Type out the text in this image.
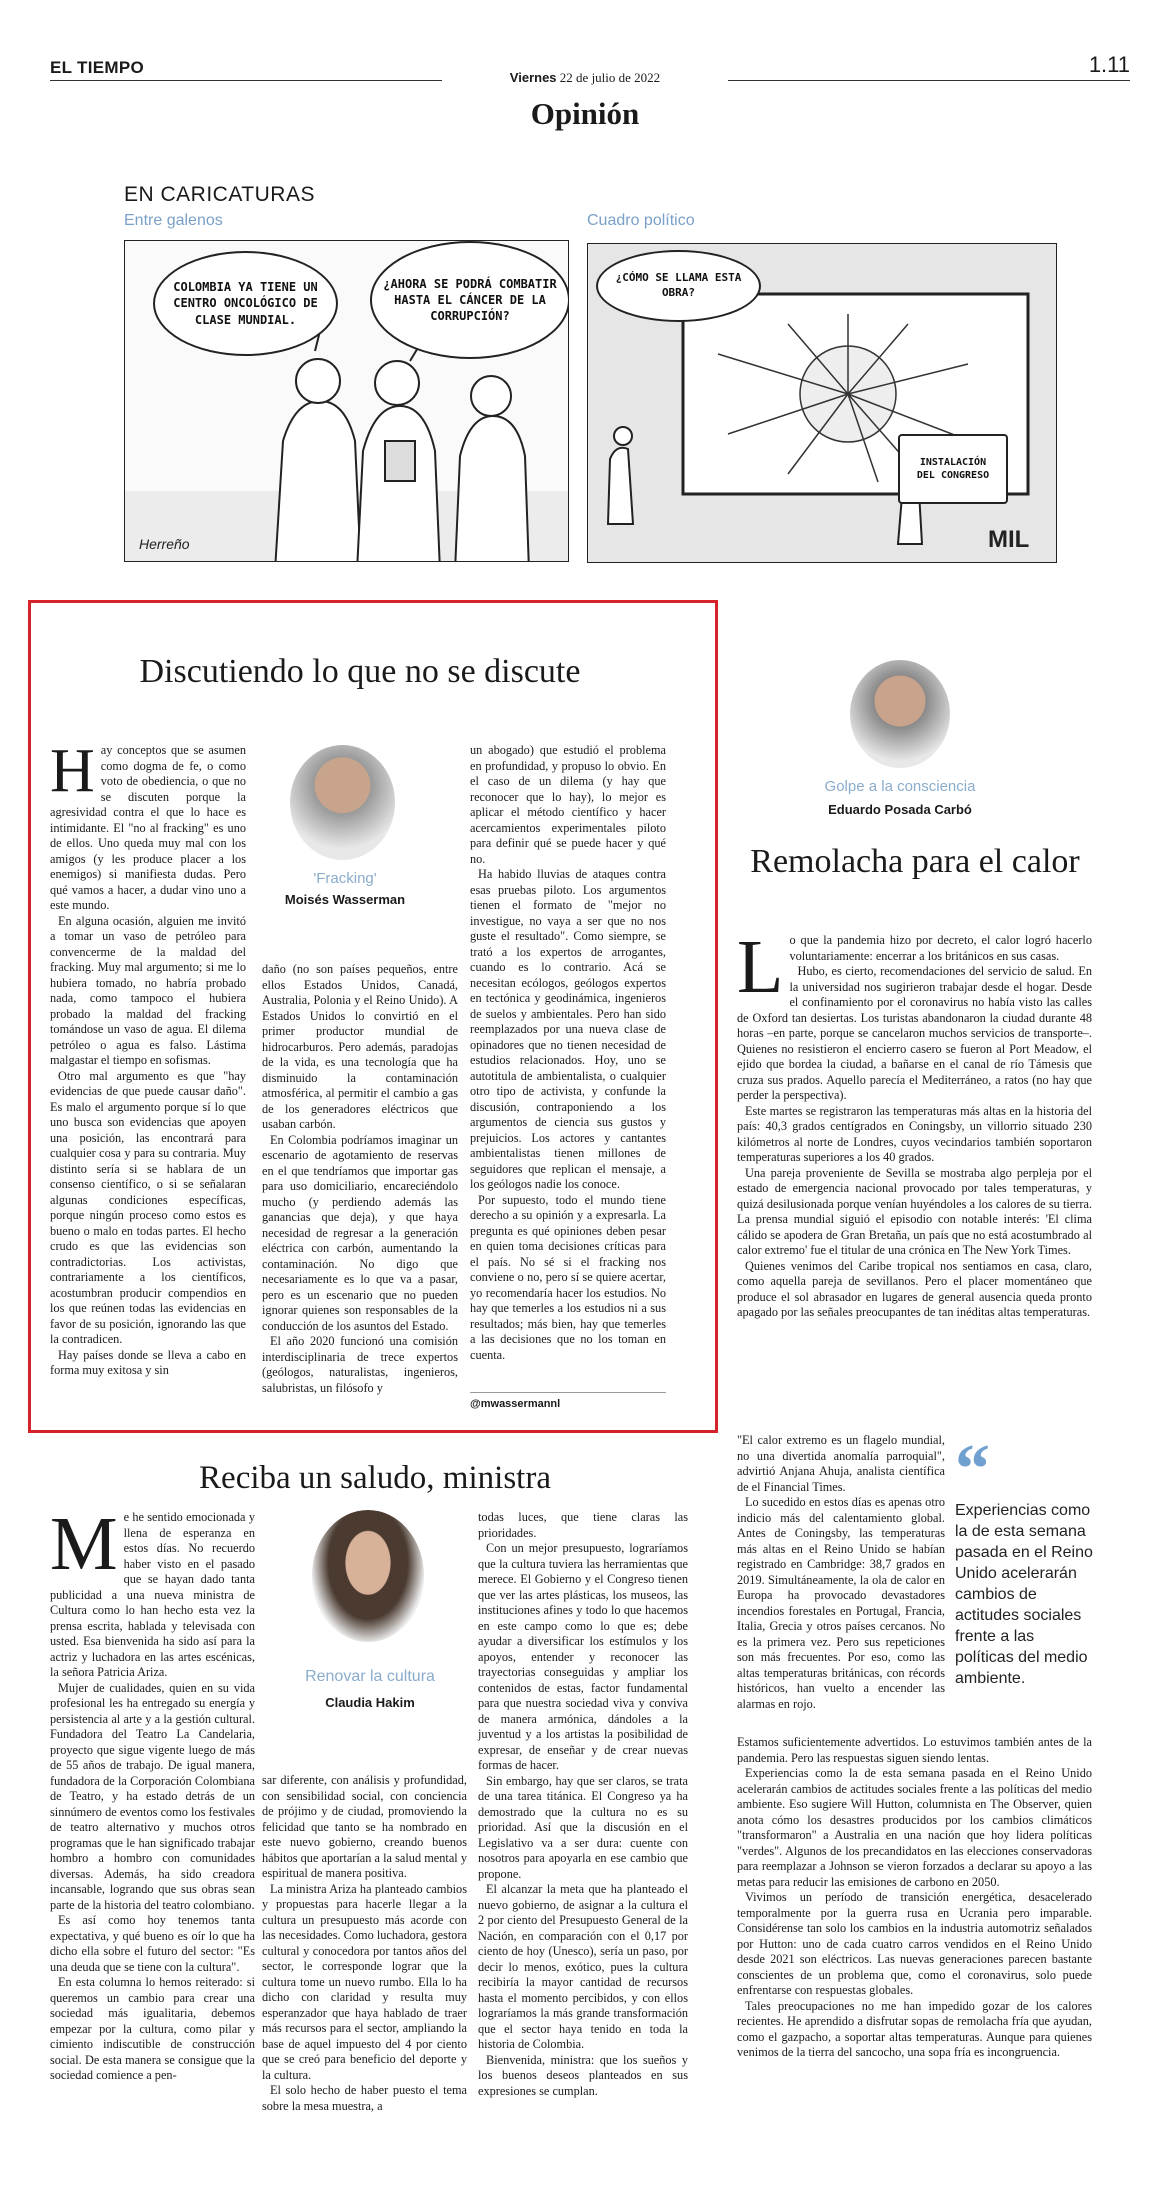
EL TIEMPO
Viernes 22 de julio de 2022
1.11
Opinión
EN CARICATURAS
Entre galenos	Cuadro político
COLOMBIA YA TIENE UN CENTRO ONCOLÓGICO DE CLASE MUNDIAL.
¿AHORA SE PODRÁ COMBATIR HASTA EL CÁNCER DE LA CORRUPCIÓN?
Herreño
¿CÓMO SE LLAMA ESTA OBRA?
INSTALACIÓN DEL CONGRESO
MIL
Discutiendo lo que no se discute
H ay conceptos que se asumen como dogma de fe, o como voto de obediencia, o que no se discuten porque la agresividad contra el que lo hace es intimidante. El "no al fracking" es uno de ellos. Uno queda muy mal con los amigos (y les produce placer a los enemigos) si manifiesta dudas. Pero qué vamos a hacer, a dudar vino uno a este mundo.

En alguna ocasión, alguien me invitó a tomar un vaso de petróleo para convencerme de la maldad del fracking. Muy mal argumento; si me lo hubiera tomado, no habría probado nada, como tampoco el hubiera probado la maldad del fracking tomándose un vaso de agua. El dilema petróleo o agua es falso. Lástima malgastar el tiempo en sofismas.

Otro mal argumento es que "hay evidencias de que puede causar daño". Es malo el argumento porque sí lo que uno busca son evidencias que apoyen una posición, las encontrará para cualquier cosa y para su contraria. Muy distinto sería si se hablara de un consenso científico, o si se señalaran algunas condiciones específicas, porque ningún proceso como estos es bueno o malo en todas partes. El hecho crudo es que las evidencias son contradictorias. Los activistas, contrariamente a los científicos, acostumbran producir compendios en los que reúnen todas las evidencias en favor de su posición, ignorando las que la contradicen.

Hay países donde se lleva a cabo en forma muy exitosa y sin

'Fracking'
Moisés Wasserman

daño (no son países pequeños, entre ellos Estados Unidos, Canadá, Australia, Polonia y el Reino Unido). A Estados Unidos lo convirtió en el primer productor mundial de hidrocarburos. Pero además, paradojas de la vida, es una tecnología que ha disminuido la contaminación atmosférica, al permitir el cambio a gas de los generadores eléctricos que usaban carbón.

En Colombia podríamos imaginar un escenario de agotamiento de reservas en el que tendríamos que importar gas para uso domiciliario, encareciéndolo mucho (y perdiendo además las ganancias que deja), y que haya necesidad de regresar a la generación eléctrica con carbón, aumentando la contaminación. No digo que necesariamente es lo que va a pasar, pero es un escenario que no pueden ignorar quienes son responsables de la conducción de los asuntos del Estado.

El año 2020 funcionó una comisión interdisciplinaria de trece expertos (geólogos, naturalistas, ingenieros, salubristas, un filósofo y

un abogado) que estudió el problema en profundidad, y propuso lo obvio. En el caso de un dilema (y hay que reconocer que lo hay), lo mejor es aplicar el método científico y hacer acercamientos experimentales piloto para definir qué se puede hacer y qué no.

Ha habido lluvias de ataques contra esas pruebas piloto. Los argumentos tienen el formato de "mejor no investigue, no vaya a ser que no nos guste el resultado". Como siempre, se trató a los expertos de arrogantes, cuando es lo contrario. Acá se necesitan ecólogos, geólogos expertos en tectónica y geodinámica, ingenieros de suelos y ambientales. Pero han sido reemplazados por una nueva clase de opinadores que no tienen necesidad de estudios relacionados. Hoy, uno se autotitula de ambientalista, o cualquier otro tipo de activista, y confunde la discusión, contraponiendo a los argumentos de ciencia sus gustos y prejuicios. Los actores y cantantes ambientalistas tienen millones de seguidores que replican el mensaje, a los geólogos nadie los conoce.

Por supuesto, todo el mundo tiene derecho a su opinión y a expresarla. La pregunta es qué opiniones deben pesar en quien toma decisiones críticas para el país. No sé si el fracking nos conviene o no, pero sí se quiere acertar, yo recomendaría hacer los estudios. No hay que temerles a los estudios ni a sus resultados; más bien, hay que temerles a las decisiones que no los toman en cuenta.

@mwassermannl
Golpe a la consciencia
Eduardo Posada Carbó
Remolacha para el calor
L o que la pandemia hizo por decreto, el calor logró hacerlo voluntariamente: encerrar a los británicos en sus casas.

Hubo, es cierto, recomendaciones del servicio de salud. En la universidad nos sugirieron trabajar desde el hogar. Desde el confinamiento por el coronavirus no había visto las calles de Oxford tan desiertas. Los turistas abandonaron la ciudad durante 48 horas –en parte, porque se cancelaron muchos servicios de transporte–. Quienes no resistieron el encierro casero se fueron al Port Meadow, el ejido que bordea la ciudad, a bañarse en el canal de río Támesis que cruza sus prados. Aquello parecía el Mediterráneo, a ratos (no hay que perder la perspectiva).

Este martes se registraron las temperaturas más altas en la historia del país: 40,3 grados centígrados en Coningsby, un villorrio situado 230 kilómetros al norte de Londres, cuyos vecindarios también soportaron temperaturas superiores a los 40 grados.

Una pareja proveniente de Sevilla se mostraba algo perpleja por el estado de emergencia nacional provocado por tales temperaturas, y quizá desilusionada porque venían huyéndoles a los calores de su tierra. La prensa mundial siguió el episodio con notable interés: 'El clima cálido se apodera de Gran Bretaña, un país que no está acostumbrado al calor extremo' fue el titular de una crónica en The New York Times.

Quienes venimos del Caribe tropical nos sentiamos en casa, claro, como aquella pareja de sevillanos. Pero el placer momentáneo que produce el sol abrasador en lugares de general ausencia queda pronto apagado por las señales preocupantes de tan inéditas altas temperaturas.

"El calor extremo es un flagelo mundial, no una divertida anomalía parroquial", advirtió Anjana Ahuja, analista científica de el Financial Times.

Lo sucedido en estos días es apenas otro indicio más del calentamiento global. Antes de Coningsby, las temperaturas más altas en el Reino Unido se habían registrado en Cambridge: 38,7 grados en 2019. Simultáneamente, la ola de calor en Europa ha provocado devastadores incendios forestales en Portugal, Francia, Italia, Grecia y otros países cercanos. No es la primera vez. Pero sus repeticiones son más frecuentes. Por eso, como las altas temperaturas británicas, con récords históricos, han vuelto a encender las alarmas en rojo.

“
Experiencias como la de esta semana pasada en el Reino Unido acelerarán cambios de actitudes sociales frente a las políticas del medio ambiente.

Estamos suficientemente advertidos. Lo estuvimos también antes de la pandemia. Pero las respuestas siguen siendo lentas.

Experiencias como la de esta semana pasada en el Reino Unido acelerarán cambios de actitudes sociales frente a las políticas del medio ambiente. Eso sugiere Will Hutton, columnista en The Observer, quien anota cómo los desastres producidos por los cambios climáticos "transformaron" a Australia en una nación que hoy lidera políticas "verdes". Algunos de los precandidatos en las elecciones conservadoras para reemplazar a Johnson se vieron forzados a declarar su apoyo a las metas para reducir las emisiones de carbono en 2050.

Vivimos un período de transición energética, desacelerado temporalmente por la guerra rusa en Ucrania pero imparable. Considérense tan solo los cambios en la industria automotriz señalados por Hutton: uno de cada cuatro carros vendidos en el Reino Unido desde 2021 son eléctricos. Las nuevas generaciones parecen bastante conscientes de un problema que, como el coronavirus, solo puede enfrentarse con respuestas globales.

Tales preocupaciones no me han impedido gozar de los calores recientes. He aprendido a disfrutar sopas de remolacha fría que ayudan, como el gazpacho, a soportar altas temperaturas. Aunque para quienes venimos de la tierra del sancocho, una sopa fría es incongruencia.

Reciba un saludo, ministra
M e he sentido emocionada y llena de esperanza en estos días. No recuerdo haber visto en el pasado que se hayan dado tanta publicidad a una nueva ministra de Cultura como lo han hecho esta vez la prensa escrita, hablada y televisada con usted. Esa bienvenida ha sido así para la actriz y luchadora en las artes escénicas, la señora Patricia Ariza.

Mujer de cualidades, quien en su vida profesional les ha entregado su energía y persistencia al arte y a la gestión cultural. Fundadora del Teatro La Candelaria, proyecto que sigue vigente luego de más de 55 años de trabajo. De igual manera, fundadora de la Corporación Colombiana de Teatro, y ha estado detrás de un sinnúmero de eventos como los festivales de teatro alternativo y muchos otros programas que le han significado trabajar hombro a hombro con comunidades diversas. Además, ha sido creadora incansable, logrando que sus obras sean parte de la historia del teatro colombiano.

Es así como hoy tenemos tanta expectativa, y qué bueno es oír lo que ha dicho ella sobre el futuro del sector: "Es una deuda que se tiene con la cultura".

En esta columna lo hemos reiterado: si queremos un cambio para crear una sociedad más igualitaria, debemos empezar por la cultura, como pilar y cimiento indiscutible de construcción social. De esta manera se consigue que la sociedad comience a pen-

Renovar la cultura
Claudia Hakim

sar diferente, con análisis y profundidad, con sensibilidad social, con conciencia de prójimo y de ciudad, promoviendo la felicidad que tanto se ha nombrado en este nuevo gobierno, creando buenos hábitos que aportarían a la salud mental y espiritual de manera positiva.

La ministra Ariza ha planteado cambios y propuestas para hacerle llegar a la cultura un presupuesto más acorde con las necesidades. Como luchadora, gestora cultural y conocedora por tantos años del sector, le corresponde lograr que la cultura tome un nuevo rumbo. Ella lo ha dicho con claridad y resulta muy esperanzador que haya hablado de traer más recursos para el sector, ampliando la base de aquel impuesto del 4 por ciento que se creó para beneficio del deporte y la cultura.

El solo hecho de haber puesto el tema sobre la mesa muestra, a

todas luces, que tiene claras las prioridades.

Con un mejor presupuesto, lograríamos que la cultura tuviera las herramientas que merece. El Gobierno y el Congreso tienen que ver las artes plásticas, los museos, las instituciones afines y todo lo que hacemos en este campo como lo que es; debe ayudar a diversificar los estímulos y los apoyos, entender y reconocer las trayectorias conseguidas y ampliar los contenidos de estas, factor fundamental para que nuestra sociedad viva y conviva de manera armónica, dándoles a la juventud y a los artistas la posibilidad de expresar, de enseñar y de crear nuevas formas de hacer.

Sin embargo, hay que ser claros, se trata de una tarea titánica. El Congreso ya ha demostrado que la cultura no es su prioridad. Así que la discusión en el Legislativo va a ser dura: cuente con nosotros para apoyarla en ese cambio que propone.

El alcanzar la meta que ha planteado el nuevo gobierno, de asignar a la cultura el 2 por ciento del Presupuesto General de la Nación, en comparación con el 0,17 por ciento de hoy (Unesco), sería un paso, por decir lo menos, exótico, pues la cultura recibiría la mayor cantidad de recursos hasta el momento percibidos, y con ellos lograríamos la más grande transformación que el sector haya tenido en toda la historia de Colombia.

Bienvenida, ministra: que los sueños y los buenos deseos planteados en sus expresiones se cumplan.
